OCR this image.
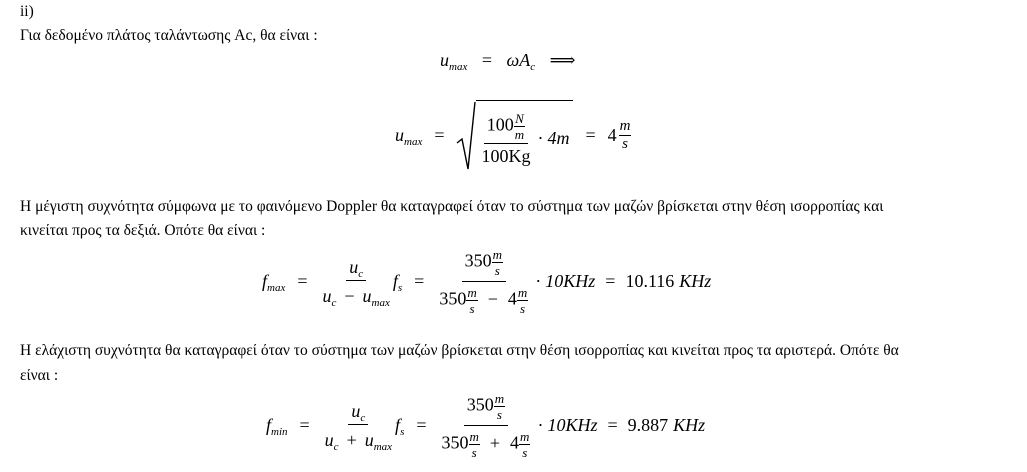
ii)
Για δεδομένο πλάτος ταλάντωσης Ac, θα είναι :
$u_{max} = \omega A_c$ ⟹
$u_{max} = \frac{100 \frac{N}{m}}{100Kg} \cdot 4m = 4 \frac{m}{s}$
Η μέγιστη συχνότητα σύμφωνα με το φαινόμενο Doppler θα καταγραφεί όταν το σύστημα των μαζών βρίσκεται στην θέση ισορροπίας και
κινείται προς τα δεξιά. Οπότε θα είναι :
$f_{max} = \frac{u_c}{u_c - u_{max}} f_s = \frac{350 \frac{m}{s}}{350 \frac{m}{s} - 4 \frac{m}{s}} \cdot 10KHz = 10.116$ KHz
Η ελάχιστη συχνότητα θα καταγραφεί όταν το σύστημα των μαζών βρίσκεται στην θέση ισορροπίας και κινείται προς τα αριστερά. Οπότε θα
είναι :
$f_{min} = \frac{u_c}{u_c + u_{max}} f_s = \frac{350 \frac{m}{s}}{350 \frac{m}{s} + 4 \frac{m}{s}} \cdot 10KHz = 9.887$ KHz
